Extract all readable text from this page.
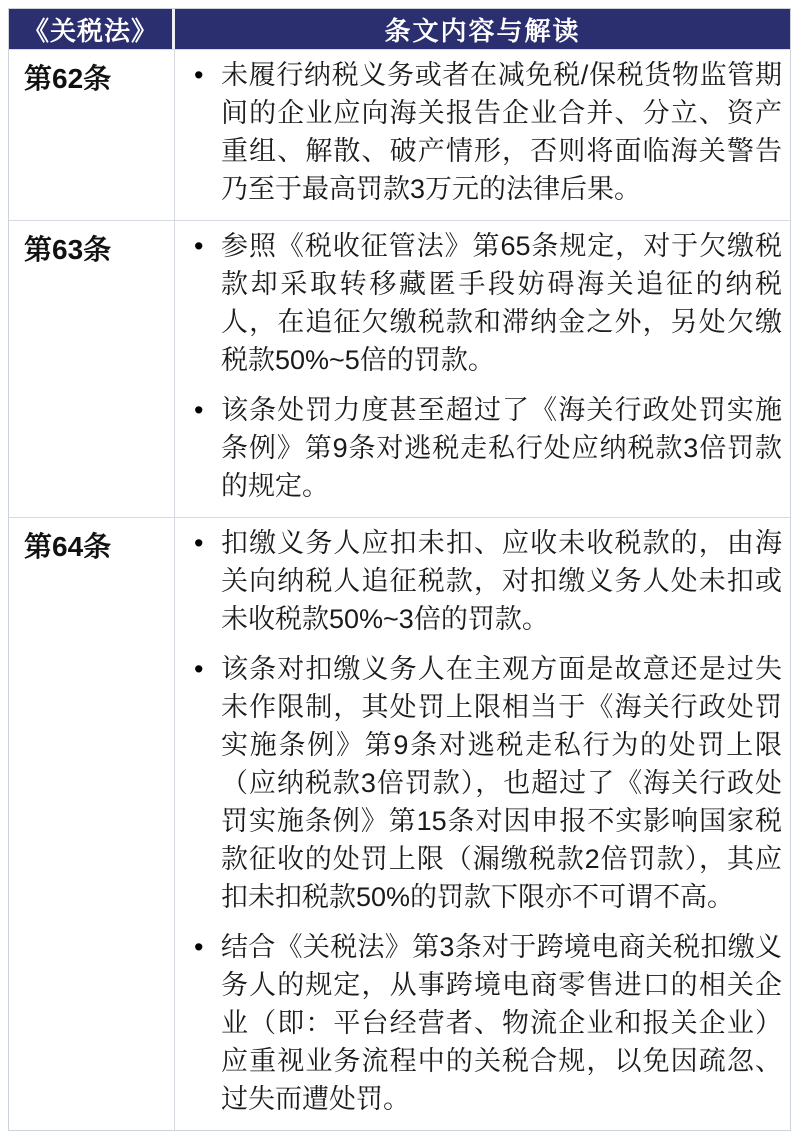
《关税法》	条文内容与解读
第62条	• 未履行纳税义务或者在减免税/保税货物监管期间的企业应向海关报告企业合并、分立、资产重组、解散、破产情形，否则将面临海关警告乃至于最高罚款3万元的法律后果。
第63条	• 参照《税收征管法》第65条规定，对于欠缴税款却采取转移藏匿手段妨碍海关追征的纳税人，在追征欠缴税款和滞纳金之外，另处欠缴税款50%~5倍的罚款。
• 该条处罚力度甚至超过了《海关行政处罚实施条例》第9条对逃税走私行处应纳税款3倍罚款的规定。
第64条	• 扣缴义务人应扣未扣、应收未收税款的，由海关向纳税人追征税款，对扣缴义务人处未扣或未收税款50%~3倍的罚款。
• 该条对扣缴义务人在主观方面是故意还是过失未作限制，其处罚上限相当于《海关行政处罚实施条例》第9条对逃税走私行为的处罚上限（应纳税款3倍罚款），也超过了《海关行政处罚实施条例》第15条对因申报不实影响国家税款征收的处罚上限（漏缴税款2倍罚款），其应扣未扣税款50%的罚款下限亦不可谓不高。
• 结合《关税法》第3条对于跨境电商关税扣缴义务人的规定，从事跨境电商零售进口的相关企业（即：平台经营者、物流企业和报关企业）应重视业务流程中的关税合规，以免因疏忽、过失而遭处罚。
